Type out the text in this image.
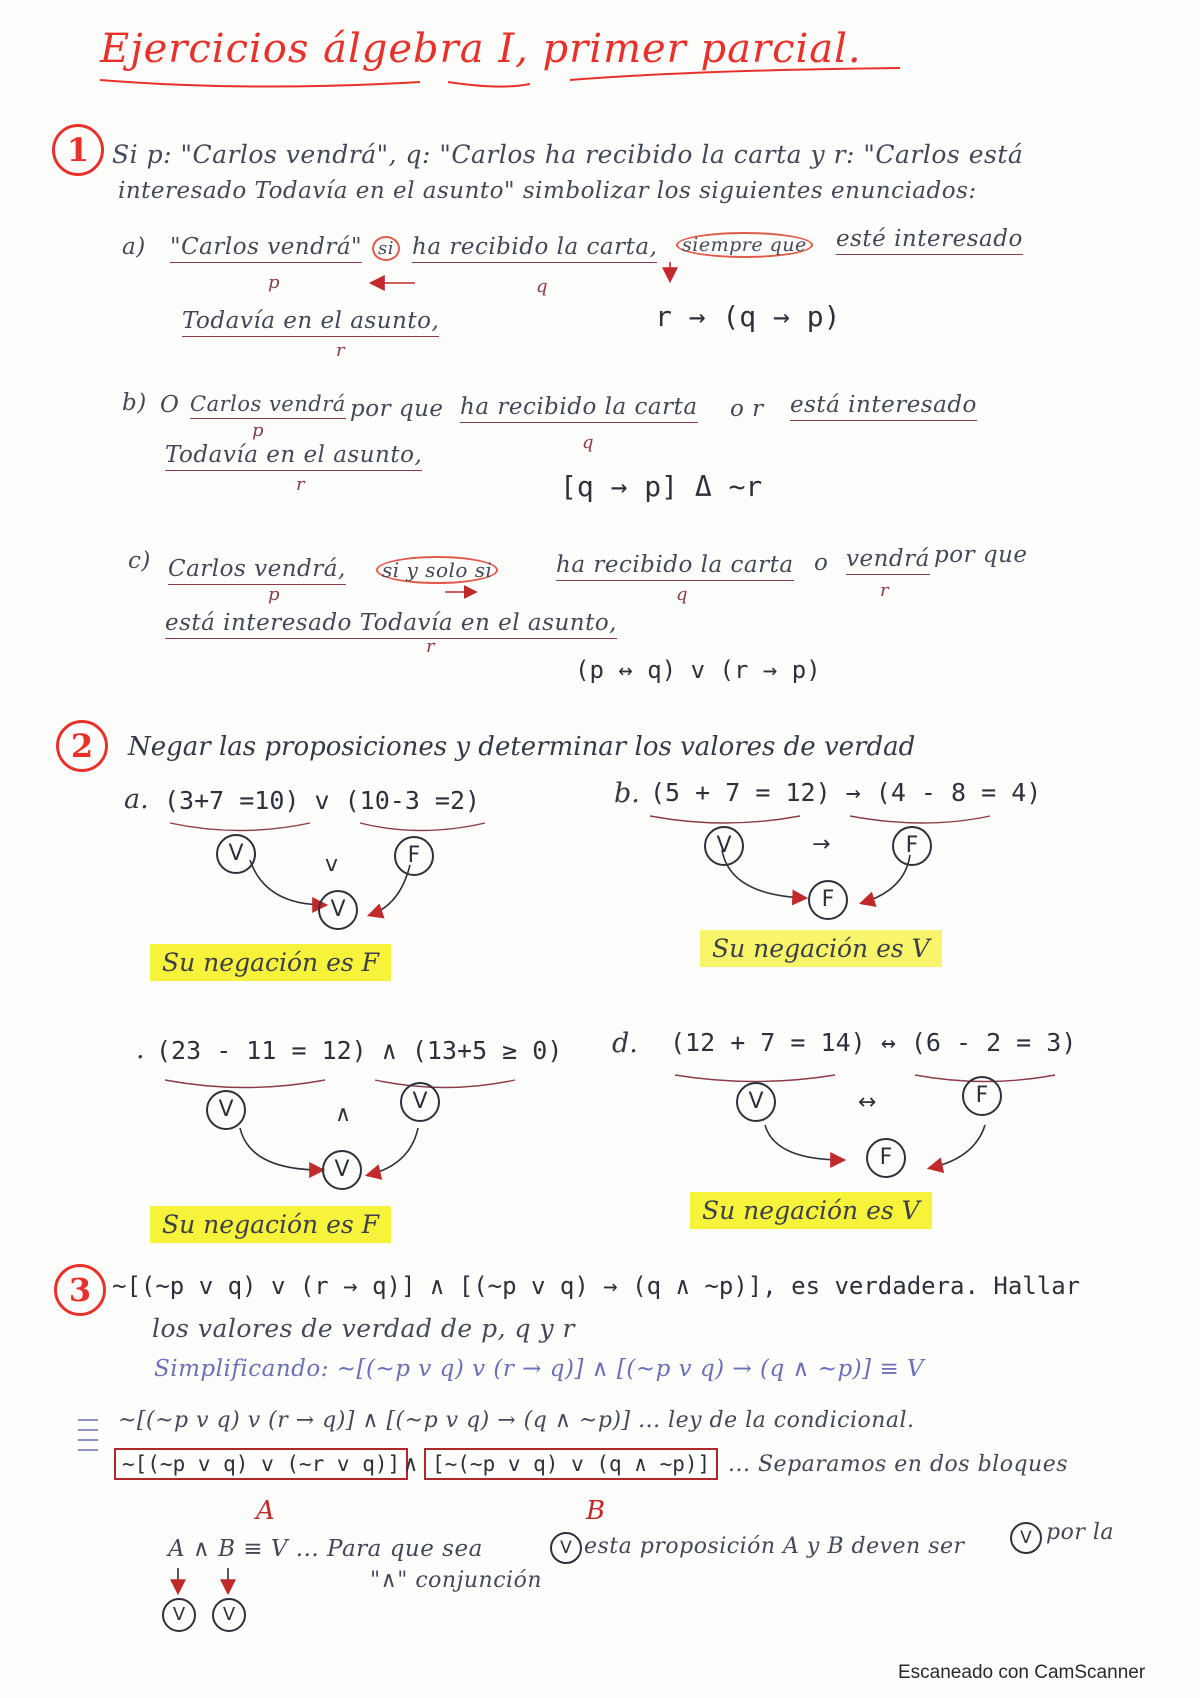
Ejercicios álgebra I, primer parcial.
1 Si p: "Carlos vendrá", q: "Carlos ha recibido la carta y r: "Carlos está
interesado Todavía en el asunto" simbolizar los siguientes enunciados:
a) "Carlos vendrá" si ha recibido la carta,	siempre que esté interesado
p	q
Todavía en el asunto,
r
r → (q → p)
b) O Carlos vendrá por que ha recibido la carta o r está interesado
p
q
Todavía en el asunto,
r	[q → p] Δ ~r
c) Carlos vendrá,	si y solo si	ha recibido la carta o vendrá por que
p	q	r
está interesado Todavía en el asunto,
r
(p ↔ q) v (r → p)
2	Negar las proposiciones y determinar los valores de verdad
a. (3+7 =10) v (10-3 =2)
V	v	F
V
Su negación es F
b. (5 + 7 = 12) → (4 - 8 = 4)
V	→	F
F
Su negación es V
. (23 - 11 = 12) ∧ (13+5 ≥ 0)
V	∧
V
V
Su negación es F
d. (12 + 7 = 14) ↔ (6 - 2 = 3)
V	↔	F
F
Su negación es V
3 ~[(~p v q) v (r → q)] ∧ [(~p v q) → (q ∧ ~p)], es verdadera. Hallar
los valores de verdad de p, q y r
Simplificando: ~[(~p v q) v (r → q)] ∧ [(~p v q) → (q ∧ ~p)] ≡ V
~[(~p v q) v (r → q)] ∧ [(~p v q) → (q ∧ ~p)] ... ley de la condicional.
~[(~p v q) v (~r v q)] ∧ [~(~p v q) v (q ∧ ~p)] ... Separamos en dos bloques
A	B
A ∧ B ≡ V ... Para que sea	V esta proposición A y B deven ser	V por la
"∧" conjunción
V	V
Escaneado con CamScanner
